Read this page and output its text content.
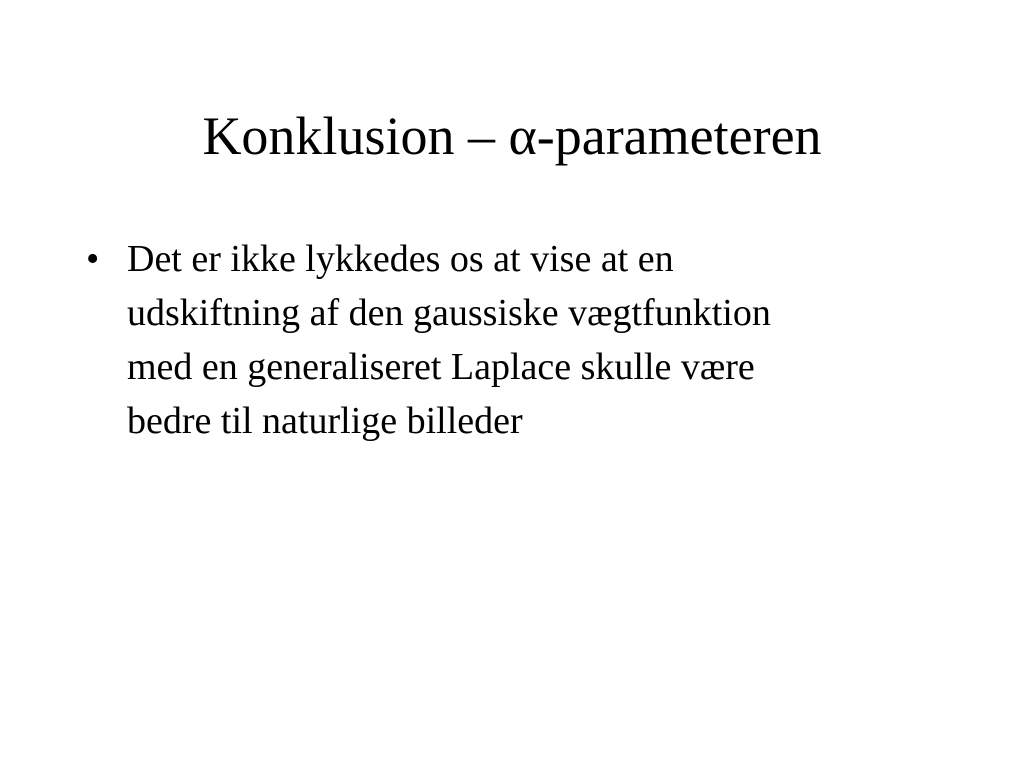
Konklusion – α-parameteren
• Det er ikke lykkedes os at vise at en
udskiftning af den gaussiske vægtfunktion
med en generaliseret Laplace skulle være
bedre til naturlige billeder
